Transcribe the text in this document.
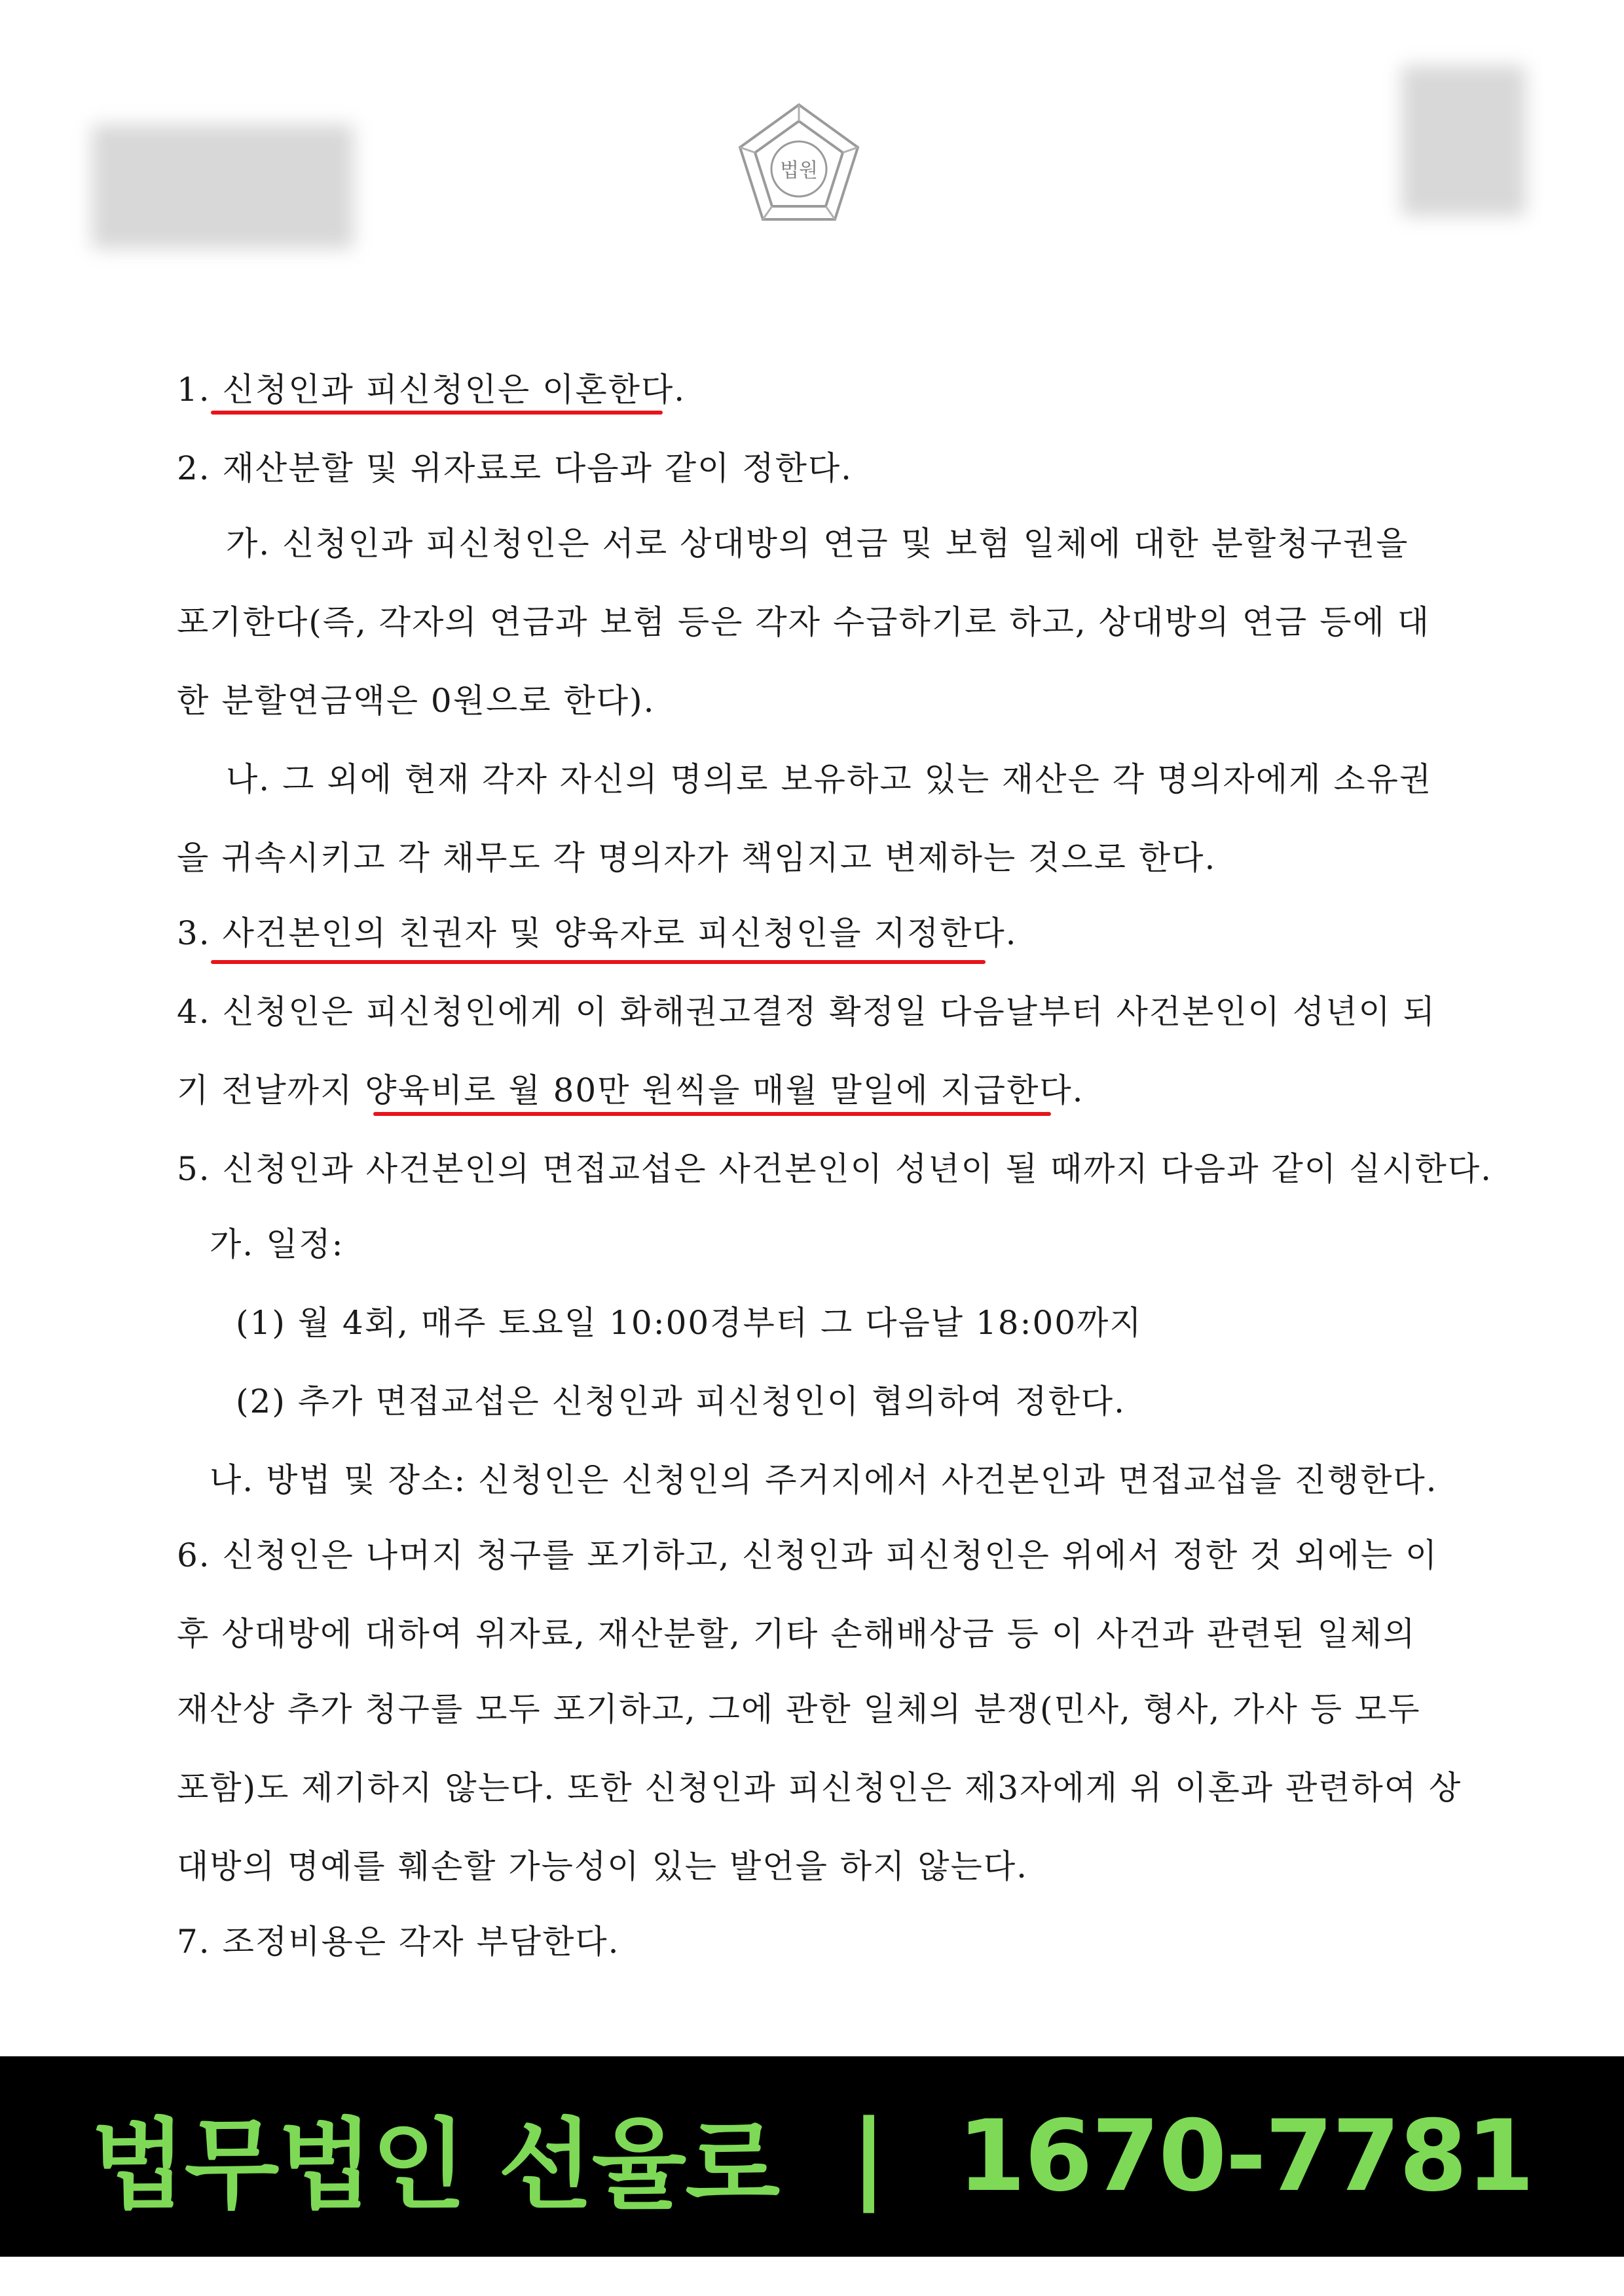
법원
1. 신청인과 피신청인은 이혼한다.
2. 재산분할 및 위자료로 다음과 같이 정한다.
가. 신청인과 피신청인은 서로 상대방의 연금 및 보험 일체에 대한 분할청구권을
포기한다(즉, 각자의 연금과 보험 등은 각자 수급하기로 하고, 상대방의 연금 등에 대
한 분할연금액은 0원으로 한다).
나. 그 외에 현재 각자 자신의 명의로 보유하고 있는 재산은 각 명의자에게 소유권
을 귀속시키고 각 채무도 각 명의자가 책임지고 변제하는 것으로 한다.
3. 사건본인의 친권자 및 양육자로 피신청인을 지정한다.
4. 신청인은 피신청인에게 이 화해권고결정 확정일 다음날부터 사건본인이 성년이 되
기 전날까지 양육비로 월 80만 원씩을 매월 말일에 지급한다.
5. 신청인과 사건본인의 면접교섭은 사건본인이 성년이 될 때까지 다음과 같이 실시한다.
가. 일정:
(1) 월 4회, 매주 토요일 10:00경부터 그 다음날 18:00까지
(2) 추가 면접교섭은 신청인과 피신청인이 협의하여 정한다.
나. 방법 및 장소: 신청인은 신청인의 주거지에서 사건본인과 면접교섭을 진행한다.
6. 신청인은 나머지 청구를 포기하고, 신청인과 피신청인은 위에서 정한 것 외에는 이
후 상대방에 대하여 위자료, 재산분할, 기타 손해배상금 등 이 사건과 관련된 일체의
재산상 추가 청구를 모두 포기하고, 그에 관한 일체의 분쟁(민사, 형사, 가사 등 모두
포함)도 제기하지 않는다. 또한 신청인과 피신청인은 제3자에게 위 이혼과 관련하여 상
대방의 명예를 훼손할 가능성이 있는 발언을 하지 않는다.
7. 조정비용은 각자 부담한다.
법무법인 선율로 | 1670-7781
